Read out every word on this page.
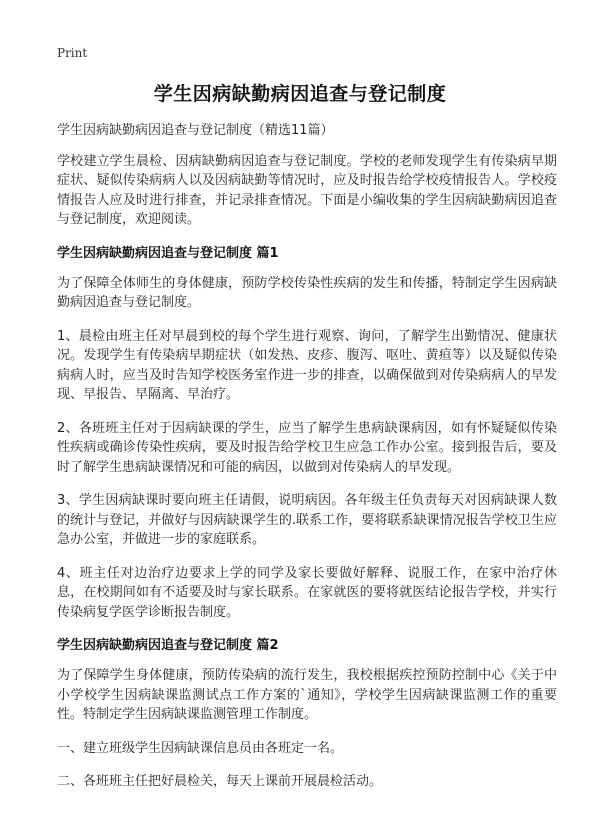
Print
学生因病缺勤病因追查与登记制度

学生因病缺勤病因追查与登记制度（精选11篇）

学校建立学生晨检、因病缺勤病因追查与登记制度。学校的老师发现学生有传染病早期症状、疑似传染病病人以及因病缺勤等情况时，应及时报告给学校疫情报告人。学校疫情报告人应及时进行排查，并记录排查情况。下面是小编收集的学生因病缺勤病因追查与登记制度，欢迎阅读。

学生因病缺勤病因追查与登记制度 篇1

为了保障全体师生的身体健康，预防学校传染性疾病的发生和传播，特制定学生因病缺勤病因追查与登记制度。

1、晨检由班主任对早晨到校的每个学生进行观察、询问，了解学生出勤情况、健康状况。发现学生有传染病早期症状（如发热、皮疹、腹泻、呕吐、黄疸等）以及疑似传染病病人时，应当及时告知学校医务室作进一步的排查，以确保做到对传染病病人的早发现、早报告、早隔离、早治疗。

2、各班班主任对于因病缺课的学生，应当了解学生患病缺课病因，如有怀疑疑似传染性疾病或确诊传染性疾病，要及时报告给学校卫生应急工作办公室。接到报告后，要及时了解学生患病缺课情况和可能的病因，以做到对传染病人的早发现。

3、学生因病缺课时要向班主任请假，说明病因。各年级主任负责每天对因病缺课人数的统计与登记，并做好与因病缺课学生的.联系工作，要将联系缺课情况报告学校卫生应急办公室，并做进一步的家庭联系。

4、班主任对边治疗边要求上学的同学及家长要做好解释、说服工作，在家中治疗休息，在校期间如有不适要及时与家长联系。在家就医的要将就医结论报告学校，并实行传染病复学医学诊断报告制度。

学生因病缺勤病因追查与登记制度 篇2

为了保障学生身体健康，预防传染病的流行发生，我校根据疾控预防控制中心《关于中小学校学生因病缺课监测试点工作方案的`通知》，学校学生因病缺课监测工作的重要性。特制定学生因病缺课监测管理工作制度。

一、建立班级学生因病缺课信息员由各班定一名。

二、各班班主任把好晨检关，每天上课前开展晨检活动。
